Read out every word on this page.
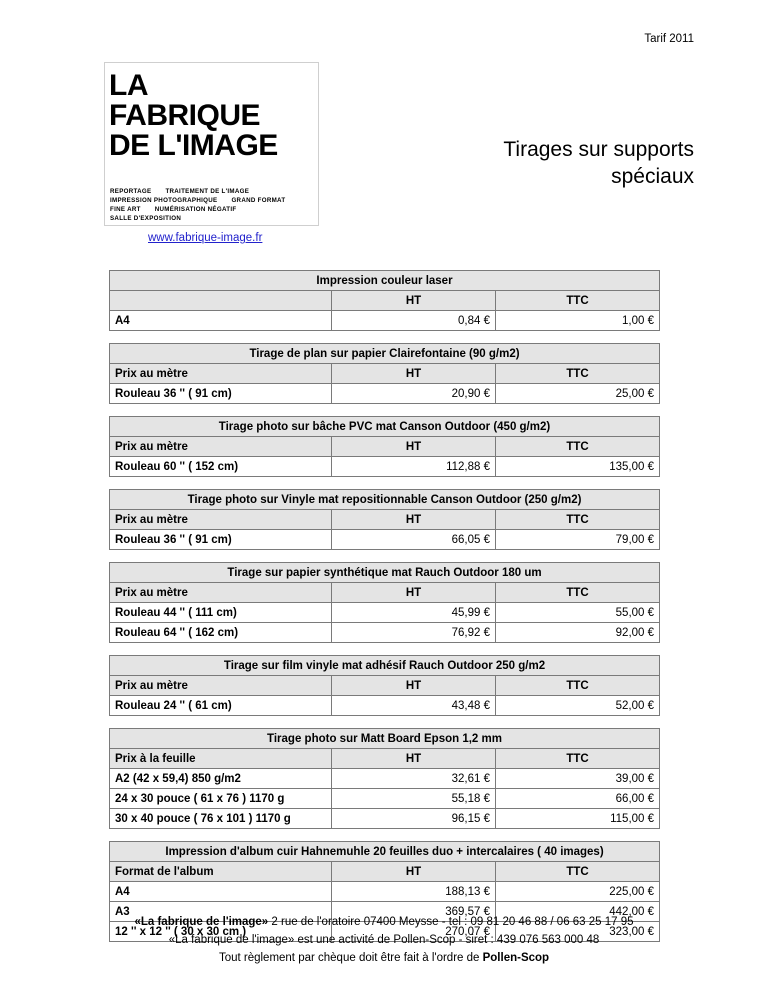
Tarif 2011
LA
FABRIQUE
DE L'IMAGE
REPORTAGE TRAITEMENT DE L'IMAGE
IMPRESSION PHOTOGRAPHIQUE GRAND FORMAT
FINE ART NUMÉRISATION NÉGATIF
SALLE D'EXPOSITION
www.fabrique-image.fr
Tirages sur supports
spéciaux
Impression couleur laser		
	HT	TTC
A4	0,84 €	1,00 €
Tirage de plan sur papier Clairefontaine (90 g/m2)		
Prix au mètre	HT	TTC
Rouleau 36 '' ( 91 cm)	20,90 €	25,00 €
Tirage photo sur bâche PVC mat Canson Outdoor (450 g/m2)		
Prix au mètre	HT	TTC
Rouleau 60 '' ( 152 cm)	112,88 €	135,00 €
Tirage photo sur Vinyle mat repositionnable Canson Outdoor (250 g/m2)		
Prix au mètre	HT	TTC
Rouleau 36 '' ( 91 cm)	66,05 €	79,00 €
Tirage sur papier synthétique mat Rauch Outdoor 180 um		
Prix au mètre	HT	TTC
Rouleau 44 '' ( 111 cm)	45,99 €	55,00 €
Rouleau 64 '' ( 162 cm)	76,92 €	92,00 €
Tirage sur film vinyle mat adhésif Rauch Outdoor 250 g/m2		
Prix au mètre	HT	TTC
Rouleau 24 '' ( 61 cm)	43,48 €	52,00 €
Tirage photo sur Matt Board Epson 1,2 mm		
Prix à la feuille	HT	TTC
A2 (42 x 59,4) 850 g/m2	32,61 €	39,00 €
24 x 30 pouce ( 61 x 76 ) 1170 g	55,18 €	66,00 €
30 x 40 pouce ( 76 x 101 ) 1170 g	96,15 €	115,00 €
Impression d'album cuir Hahnemuhle 20 feuilles duo + intercalaires ( 40 images)		
Format de l'album	HT	TTC
A4	188,13 €	225,00 €
A3	369,57 €	442,00 €
12 '' x 12 '' ( 30 x 30 cm )	270,07 €	323,00 €
«La fabrique de l'image» 2 rue de l'oratoire 07400 Meysse - tel : 09 81 20 46 88 / 06 63 25 17 95
«La fabrique de l'image» est une activité de Pollen-Scop - siret : 439 076 563 000 48
Tout règlement par chèque doit être fait à l'ordre de Pollen-Scop
